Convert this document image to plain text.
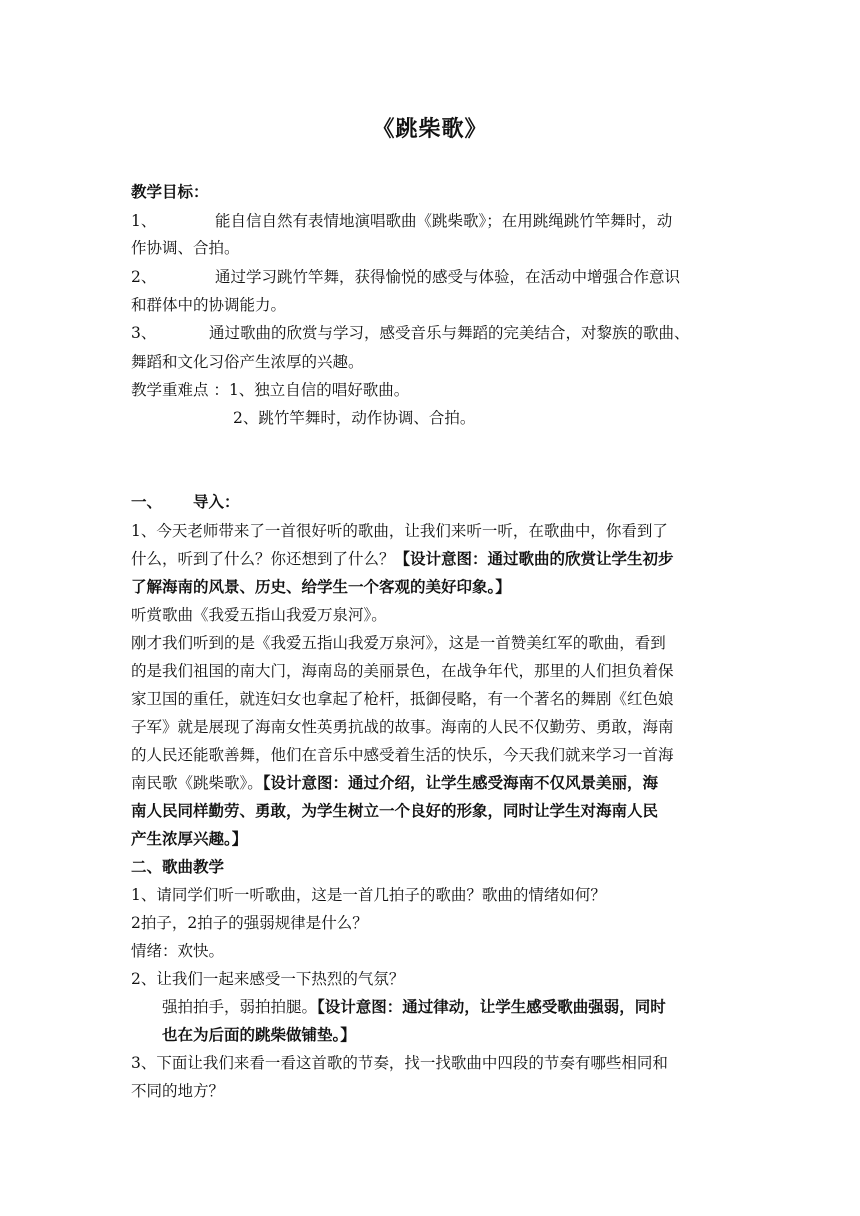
《跳柴歌》
教学目标：
1、	能自信自然有表情地演唱歌曲《跳柴歌》；在用跳绳跳竹竿舞时，动
作协调、合拍。
2、	通过学习跳竹竿舞，获得愉悦的感受与体验，在活动中增强合作意识
和群体中的协调能力。
3、	通过歌曲的欣赏与学习，感受音乐与舞蹈的完美结合，对黎族的歌曲、
舞蹈和文化习俗产生浓厚的兴趣。
教学重难点 ：1、独立自信的唱好歌曲。
2、跳竹竿舞时，动作协调、合拍。
一、 导入：
1、今天老师带来了一首很好听的歌曲，让我们来听一听，在歌曲中，你看到了
什么，听到了什么？你还想到了什么？【设计意图：通过歌曲的欣赏让学生初步
了解海南的风景、历史、给学生一个客观的美好印象。】
听赏歌曲《我爱五指山我爱万泉河》。
刚才我们听到的是《我爱五指山我爱万泉河》，这是一首赞美红军的歌曲，看到
的是我们祖国的南大门，海南岛的美丽景色，在战争年代，那里的人们担负着保
家卫国的重任，就连妇女也拿起了枪杆，抵御侵略，有一个著名的舞剧《红色娘
子军》就是展现了海南女性英勇抗战的故事。海南的人民不仅勤劳、勇敢，海南
的人民还能歌善舞，他们在音乐中感受着生活的快乐，今天我们就来学习一首海
南民歌《跳柴歌》。【设计意图：通过介绍，让学生感受海南不仅风景美丽，海
南人民同样勤劳、勇敢，为学生树立一个良好的形象，同时让学生对海南人民
产生浓厚兴趣。】
二、歌曲教学
1、请同学们听一听歌曲，这是一首几拍子的歌曲？歌曲的情绪如何？
2拍子，2拍子的强弱规律是什么？
情绪：欢快。
2、让我们一起来感受一下热烈的气氛？
强拍拍手，弱拍拍腿。【设计意图：通过律动，让学生感受歌曲强弱，同时
也在为后面的跳柴做铺垫。】
3、下面让我们来看一看这首歌的节奏，找一找歌曲中四段的节奏有哪些相同和
不同的地方？
